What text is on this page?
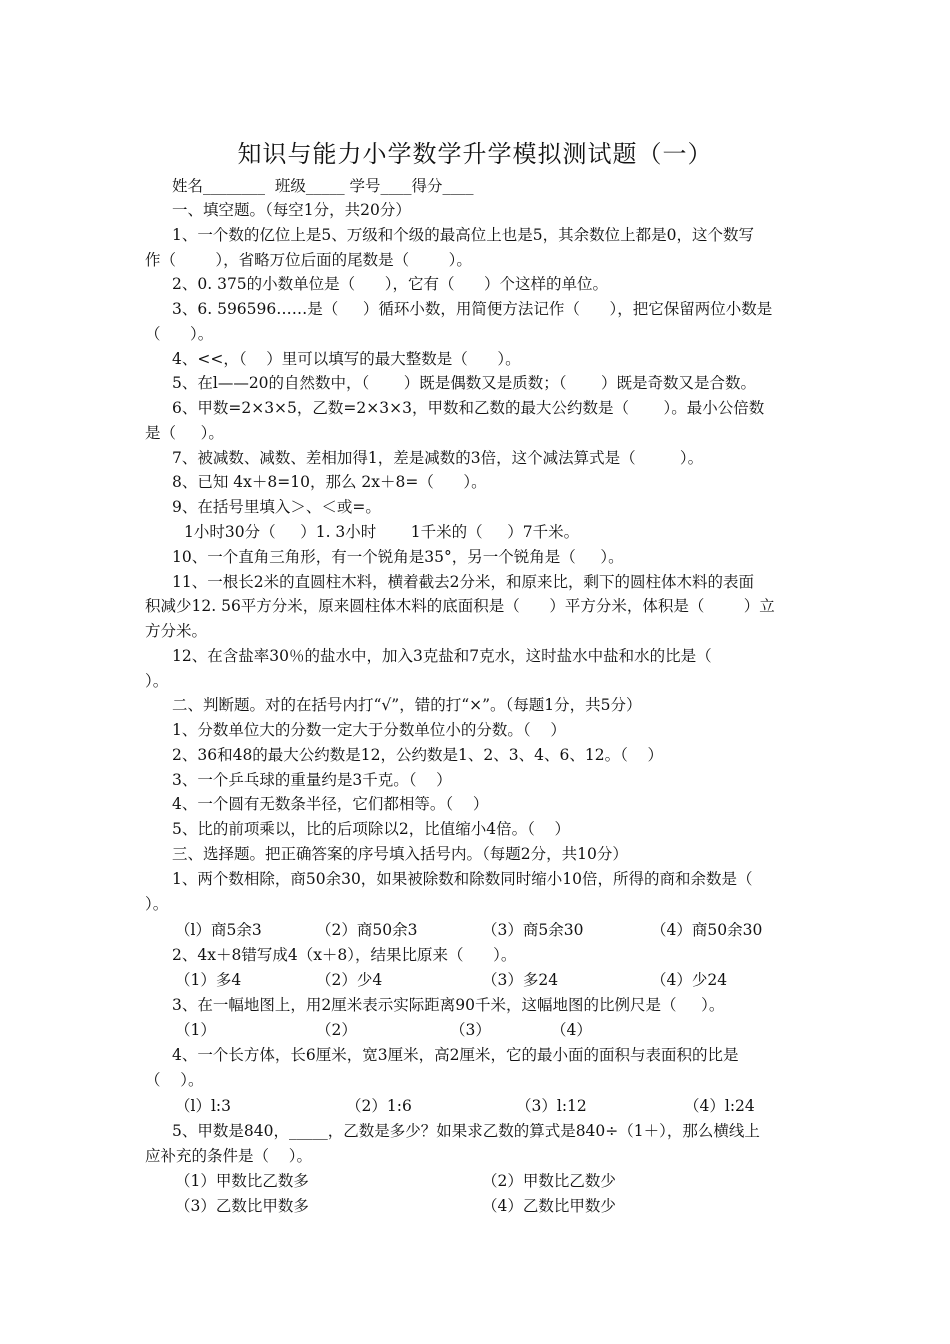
知识与能力小学数学升学模拟测试题（一）
姓名________  班级_____ 学号____得分____
一、填空题。（每空1分，共20分）
1、一个数的亿位上是5、万级和个级的最高位上也是5，其余数位上都是0，这个数写
作（        ），省略万位后面的尾数是（        ）。
2、0. 375的小数单位是（      ），它有（      ）个这样的单位。
3、6. 596596……是（     ）循环小数，用简便方法记作（      ），把它保留两位小数是
（      ）。
4、<<，（    ）里可以填写的最大整数是（      ）。
5、在l——20的自然数中，（       ）既是偶数又是质数；（       ）既是奇数又是合数。
6、甲数=2×3×5，乙数=2×3×3，甲数和乙数的最大公约数是（       ）。最小公倍数
是（     ）。
7、被减数、减数、差相加得1，差是减数的3倍，这个减法算式是（         ）。
8、已知 4x＋8=10，那么 2x＋8=（      ）。
9、在括号里填入＞、＜或=。
1小时30分（     ）1. 3小时       1千米的（     ）7千米。
10、一个直角三角形，有一个锐角是35°，另一个锐角是（     ）。
11、一根长2米的直圆柱木料，横着截去2分米，和原来比，剩下的圆柱体木料的表面
积减少12. 56平方分米，原来圆柱体木料的底面积是（      ）平方分米，体积是（        ）立
方分米。
12、在含盐率30％的盐水中，加入3克盐和7克水，这时盐水中盐和水的比是（
）。
二、判断题。对的在括号内打“√”，错的打“×”。（每题1分，共5分）
1、分数单位大的分数一定大于分数单位小的分数。（    ）
2、36和48的最大公约数是12，公约数是1、2、3、4、6、12。（    ）
3、一个乒乓球的重量约是3千克。（    ）
4、一个圆有无数条半径，它们都相等。（    ）
5、比的前项乘以，比的后项除以2，比值缩小4倍。（    ）
三、选择题。把正确答案的序号填入括号内。（每题2分，共10分）
1、两个数相除，商50余30，如果被除数和除数同时缩小10倍，所得的商和余数是（
）。
（l）商5余3	（2）商50余3	（3）商5余30	（4）商50余30
2、4x＋8错写成4（x＋8），结果比原来（      ）。
（1）多4	（2）少4	（3）多24	（4）少24
3、在一幅地图上，用2厘米表示实际距离90千米，这幅地图的比例尺是（     ）。
（1）	（2）	（3）	（4）
4、一个长方体，长6厘米，宽3厘米，高2厘米，它的最小面的面积与表面积的比是
（    ）。
（l）l:3	（2）1:6	（3）l:12	（4）l:24
5、甲数是840，_____，乙数是多少？如果求乙数的算式是840÷（1＋），那么横线上
应补充的条件是（    ）。
（1）甲数比乙数多	（2）甲数比乙数少
（3）乙数比甲数多	（4）乙数比甲数少
